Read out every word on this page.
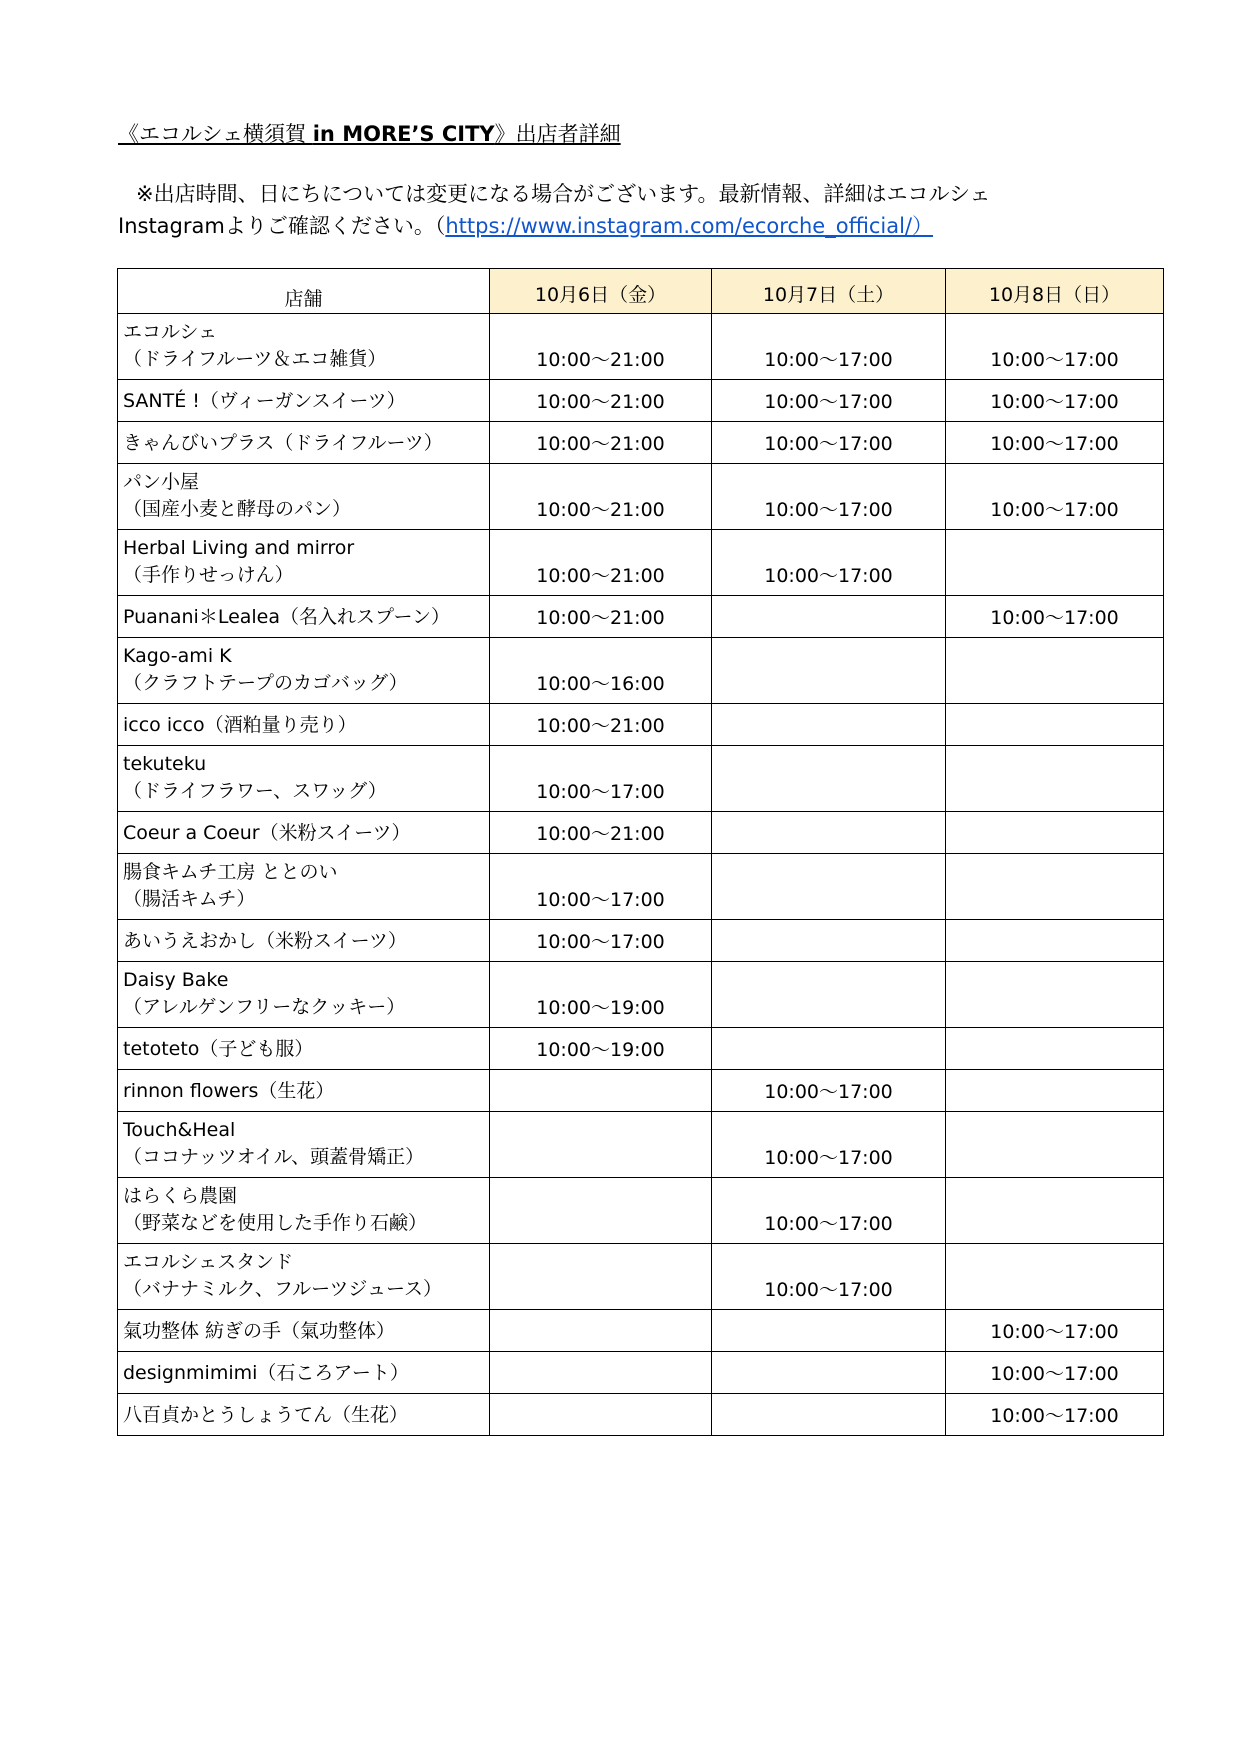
《エコルシェ横須賀 in MORE’S CITY》出店者詳細
※出店時間、日にちについては変更になる場合がございます。最新情報、詳細はエコルシェ
Instagramよりご確認ください。（https://www.instagram.com/ecorche_official/）
店舗	10月6日（金）	10月7日（土）	10月8日（日）

エコルシェ
（ドライフルーツ＆エコ雑貨）	10:00〜21:00	10:00〜17:00	10:00〜17:00

SANTÉ !（ヴィーガンスイーツ）	10:00〜21:00	10:00〜17:00	10:00〜17:00

きゃんびいプラス（ドライフルーツ）	10:00〜21:00	10:00〜17:00	10:00〜17:00

パン小屋
（国産小麦と酵母のパン）	10:00〜21:00	10:00〜17:00	10:00〜17:00

Herbal Living and mirror
（手作りせっけん）	10:00〜21:00	10:00〜17:00	

Puanani＊Lealea（名入れスプーン）	10:00〜21:00		10:00〜17:00

Kago-ami K
（クラフトテープのカゴバッグ）	10:00〜16:00		

icco icco（酒粕量り売り）	10:00〜21:00		

tekuteku
（ドライフラワー、スワッグ）	10:00〜17:00		

Coeur a Coeur（米粉スイーツ）	10:00〜21:00		

腸食キムチ工房 ととのい
（腸活キムチ）	10:00〜17:00		

あいうえおかし（米粉スイーツ）	10:00〜17:00		

Daisy Bake
（アレルゲンフリーなクッキー）	10:00〜19:00		

tetoteto（子ども服）	10:00〜19:00		

rinnon flowers（生花）		10:00〜17:00	

Touch&Heal
（ココナッツオイル、頭蓋骨矯正）		10:00〜17:00	

はらくら農園
（野菜などを使用した手作り石鹸）		10:00〜17:00	

エコルシェスタンド
（バナナミルク、フルーツジュース）		10:00〜17:00	

氣功整体 紡ぎの手（氣功整体）			10:00〜17:00

designmimimi（石ころアート）			10:00〜17:00

八百貞かとうしょうてん（生花）			10:00〜17:00
